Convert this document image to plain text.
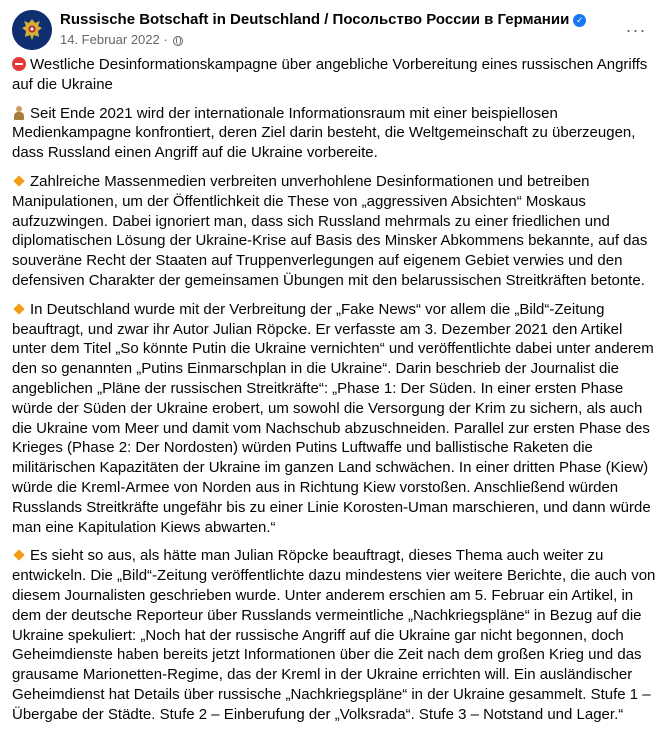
Russische Botschaft in Deutschland / Посольство России в Германии ✓
14. Februar 2022 ·	···

Westliche Desinformationskampagne über angebliche Vorbereitung eines russischen Angriffs auf die Ukraine

Seit Ende 2021 wird der internationale Informationsraum mit einer beispiellosen Medienkampagne konfrontiert, deren Ziel darin besteht, die Weltgemeinschaft zu überzeugen, dass Russland einen Angriff auf die Ukraine vorbereite.

Zahlreiche Massenmedien verbreiten unverhohlene Desinformationen und betreiben Manipulationen, um der Öffentlichkeit die These von „aggressiven Absichten“ Moskaus aufzuzwingen. Dabei ignoriert man, dass sich Russland mehrmals zu einer friedlichen und diplomatischen Lösung der Ukraine-Krise auf Basis des Minsker Abkommens bekannte, auf das souveräne Recht der Staaten auf Truppenverlegungen auf eigenem Gebiet verwies und den defensiven Charakter der gemeinsamen Übungen mit den belarussischen Streitkräften betonte.

In Deutschland wurde mit der Verbreitung der „Fake News“ vor allem die „Bild“-Zeitung beauftragt, und zwar ihr Autor Julian Röpcke. Er verfasste am 3. Dezember 2021 den Artikel unter dem Titel „So könnte Putin die Ukraine vernichten“ und veröffentlichte dabei unter anderem den so genannten „Putins Einmarschplan in die Ukraine“. Darin beschrieb der Journalist die angeblichen „Pläne der russischen Streitkräfte“: „Phase 1: Der Süden. In einer ersten Phase würde der Süden der Ukraine erobert, um sowohl die Versorgung der Krim zu sichern, als auch die Ukraine vom Meer und damit vom Nachschub abzuschneiden. Parallel zur ersten Phase des Krieges (Phase 2: Der Nordosten) würden Putins Luftwaffe und ballistische Raketen die militärischen Kapazitäten der Ukraine im ganzen Land schwächen. In einer dritten Phase (Kiew) würde die Kreml-Armee von Norden aus in Richtung Kiew vorstoßen. Anschließend würden Russlands Streitkräfte ungefähr bis zu einer Linie Korosten-Uman marschieren, und dann würde man eine Kapitulation Kiews abwarten.“

Es sieht so aus, als hätte man Julian Röpcke beauftragt, dieses Thema auch weiter zu entwickeln. Die „Bild“-Zeitung veröffentlichte dazu mindestens vier weitere Berichte, die auch von diesem Journalisten geschrieben wurde. Unter anderem erschien am 5. Februar ein Artikel, in dem der deutsche Reporteur über Russlands vermeintliche „Nachkriegspläne“ in Bezug auf die Ukraine spekuliert: „Noch hat der russische Angriff auf die Ukraine gar nicht begonnen, doch Geheimdienste haben bereits jetzt Informationen über die Zeit nach dem großen Krieg und das grausame Marionetten-Regime, das der Kreml in der Ukraine errichten will. Ein ausländischer Geheimdienst hat Details über russische „Nachkriegspläne“ in der Ukraine gesammelt. Stufe 1 – Übergabe der Städte. Stufe 2 – Einberufung der „Volksrada“. Stufe 3 – Notstand und Lager.“
